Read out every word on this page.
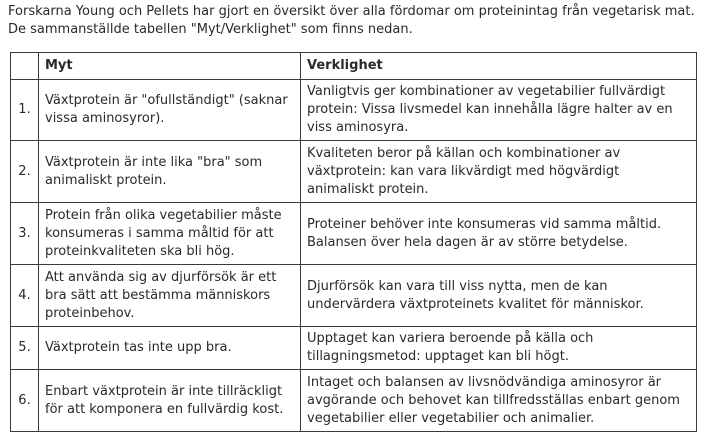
Forskarna Young och Pellets har gjort en översikt över alla fördomar om proteinintag från vegetarisk mat. De sammanställde tabellen "Myt/Verklighet" som finns nedan.

	Myt	Verklighet
1.	Växtprotein är "ofullständigt" (saknar vissa aminosyror).	Vanligtvis ger kombinationer av vegetabilier fullvärdigt protein: Vissa livsmedel kan innehålla lägre halter av en viss aminosyra.
2.	Växtprotein är inte lika "bra" som animaliskt protein.	Kvaliteten beror på källan och kombinationer av växtprotein: kan vara likvärdigt med högvärdigt animaliskt protein.
3.	Protein från olika vegetabilier måste konsumeras i samma måltid för att proteinkvaliteten ska bli hög.	Proteiner behöver inte konsumeras vid samma måltid. Balansen över hela dagen är av större betydelse.
4.	Att använda sig av djurförsök är ett bra sätt att bestämma människors proteinbehov.	Djurförsök kan vara till viss nytta, men de kan undervärdera växtproteinets kvalitet för människor.
5.	Växtprotein tas inte upp bra.	Upptaget kan variera beroende på källa och tillagningsmetod: upptaget kan bli högt.
6.	Enbart växtprotein är inte tillräckligt för att komponera en fullvärdig kost.	Intaget och balansen av livsnödvändiga aminosyror är avgörande och behovet kan tillfredsställas enbart genom vegetabilier eller vegetabilier och animalier.
